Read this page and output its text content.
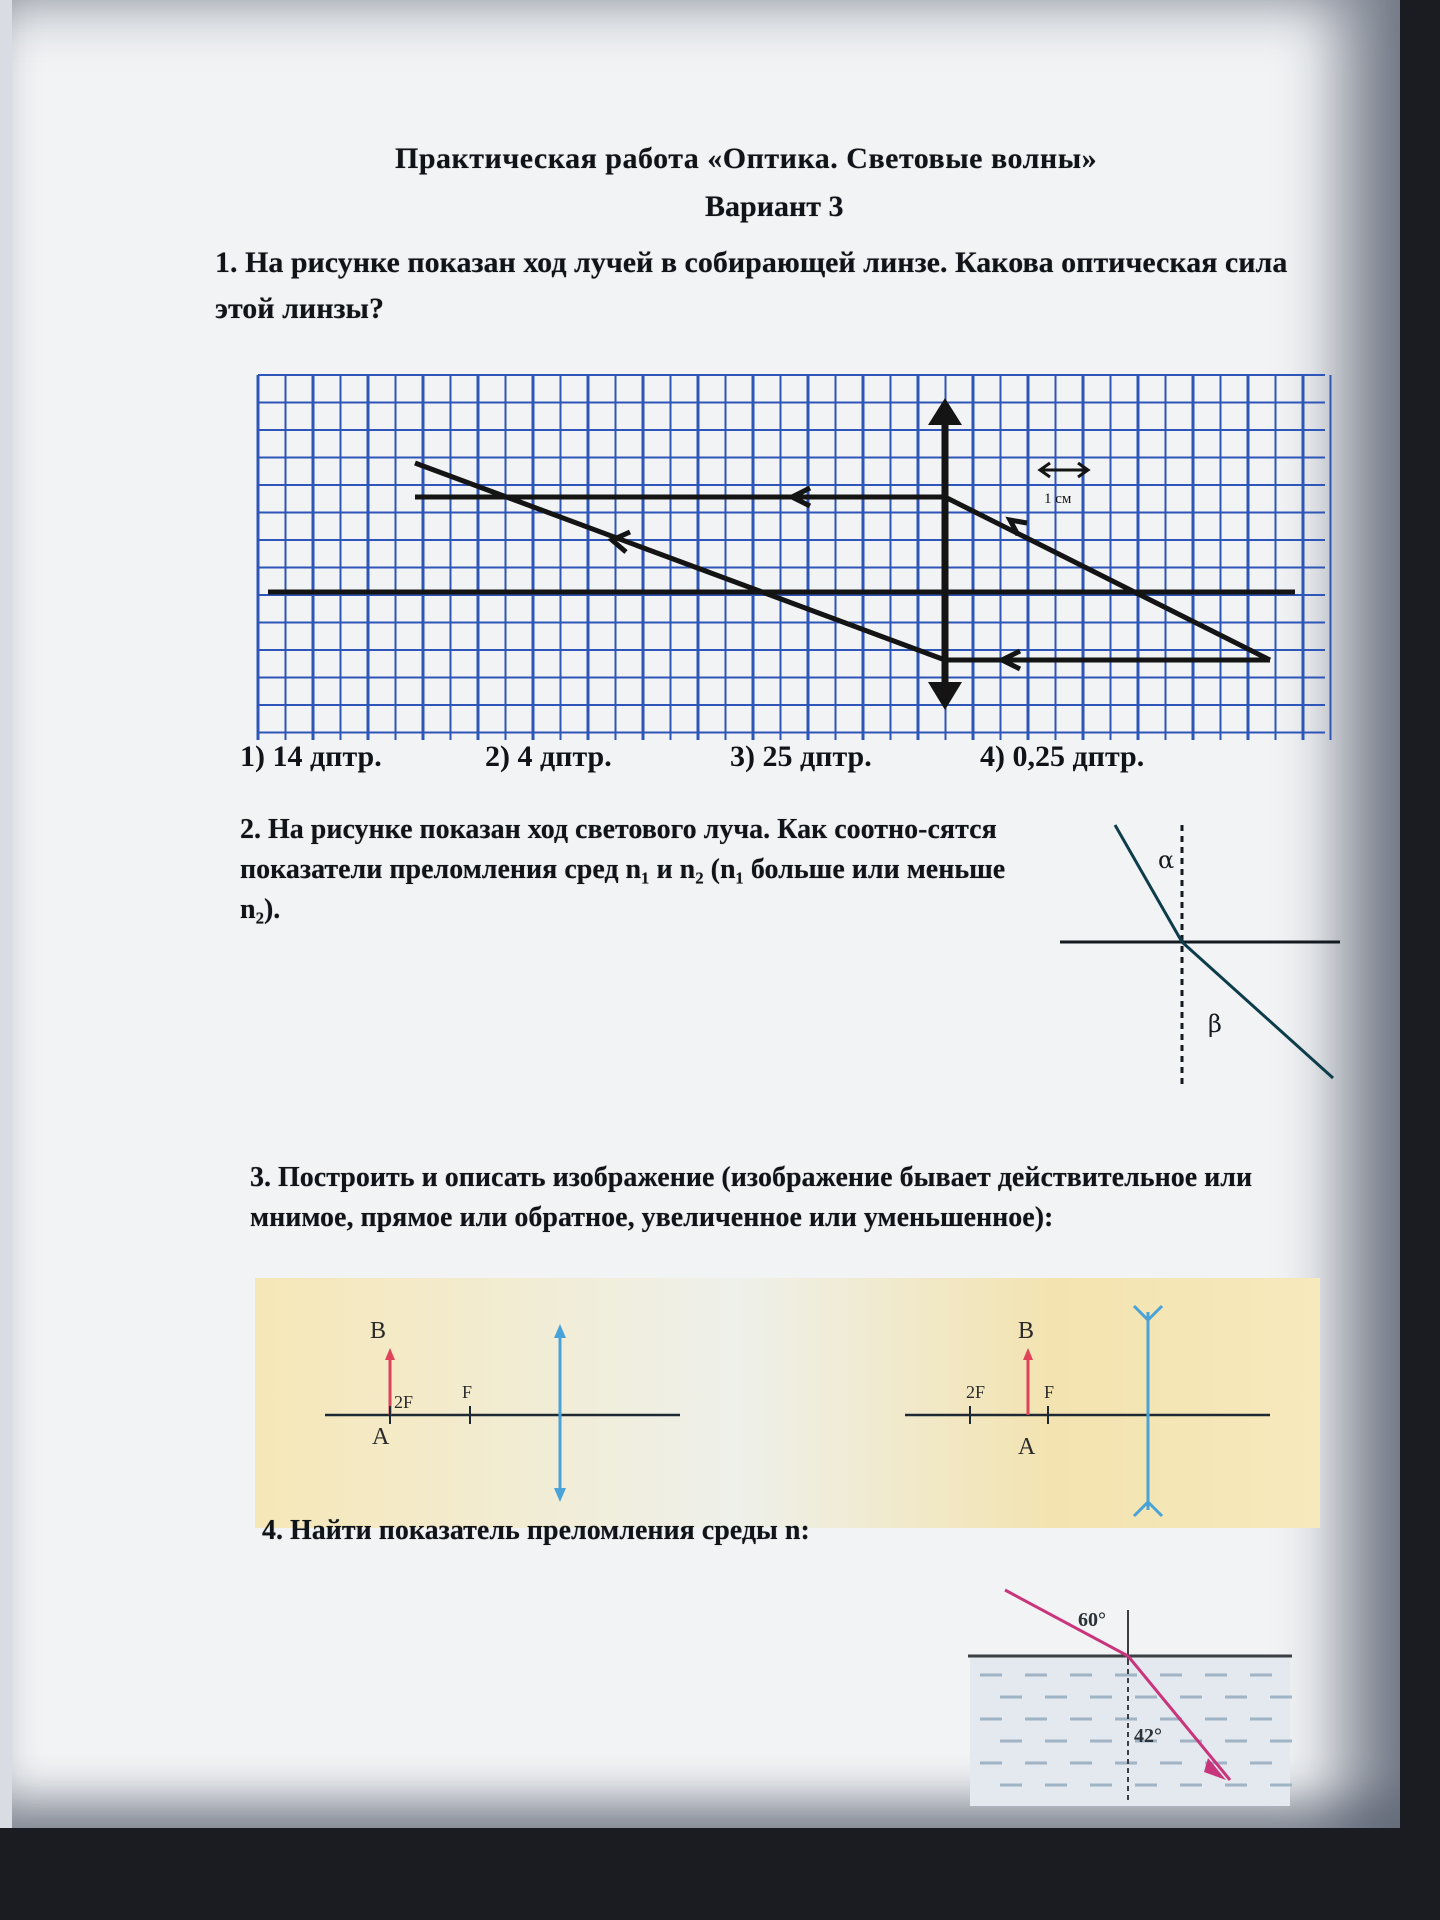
Практическая работа «Оптика. Световые волны»
Вариант 3

1. На рисунке показан ход лучей в собирающей линзе. Какова оптическая сила этой линзы?

1 см
1) 14 дптр.	2) 4 дптр.	3) 25 дптр.	4) 0,25 дптр.

2. На рисунке показан ход светового луча. Как соотно-сятся показатели преломления сред n₁ и n₂ (n₁ больше или меньше n₂).

α
β

3. Построить и описать изображение (изображение бывает действительное или мнимое, прямое или обратное, увеличенное или уменьшенное):

B
A
2F	F
B
A
2F	F
4. Найти показатель преломления среды n:
60°
42°
